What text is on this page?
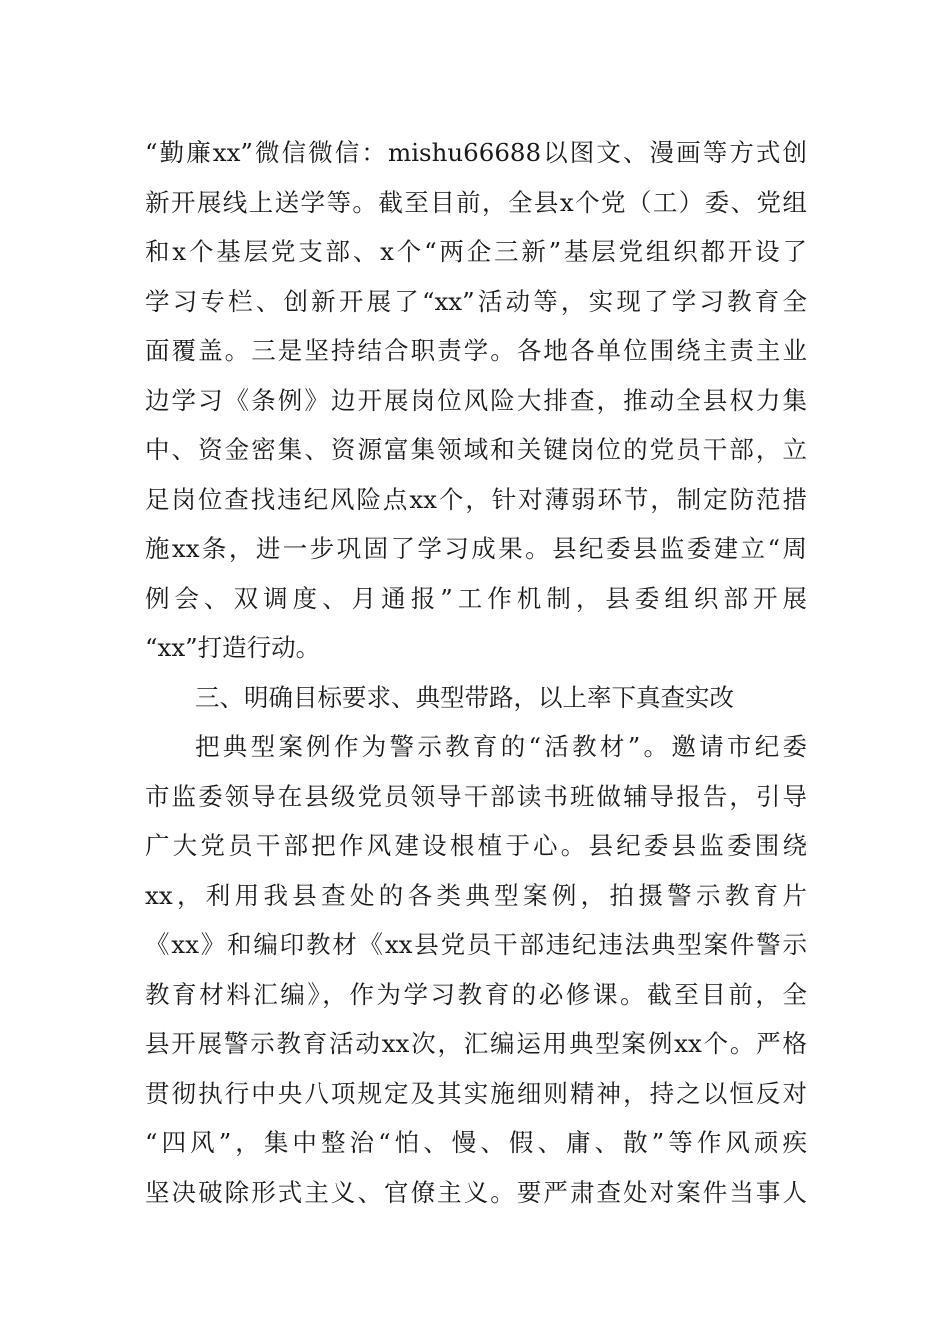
“勤廉xx”微信微信：mishu66688以图文、漫画等方式创
新开展线上送学等。截至目前，全县x个党（工）委、党组
和x个基层党支部、x个“两企三新”基层党组织都开设了
学习专栏、创新开展了“xx”活动等，实现了学习教育全
面覆盖。三是坚持结合职责学。各地各单位围绕主责主业
边学习《条例》边开展岗位风险大排查，推动全县权力集
中、资金密集、资源富集领域和关键岗位的党员干部，立
足岗位查找违纪风险点xx个，针对薄弱环节，制定防范措
施xx条，进一步巩固了学习成果。县纪委县监委建立“周
例会、双调度、月通报”工作机制，县委组织部开展
“xx”打造行动。
三、明确目标要求、典型带路，以上率下真查实改
把典型案例作为警示教育的“活教材”。邀请市纪委
市监委领导在县级党员领导干部读书班做辅导报告，引导
广大党员干部把作风建设根植于心。县纪委县监委围绕
xx，利用我县查处的各类典型案例，拍摄警示教育片
《xx》和编印教材《xx县党员干部违纪违法典型案件警示
教育材料汇编》，作为学习教育的必修课。截至目前，全
县开展警示教育活动xx次，汇编运用典型案例xx个。严格
贯彻执行中央八项规定及其实施细则精神，持之以恒反对
“四风”，集中整治“怕、慢、假、庸、散”等作风顽疾
坚决破除形式主义、官僚主义。要严肃查处对案件当事人
